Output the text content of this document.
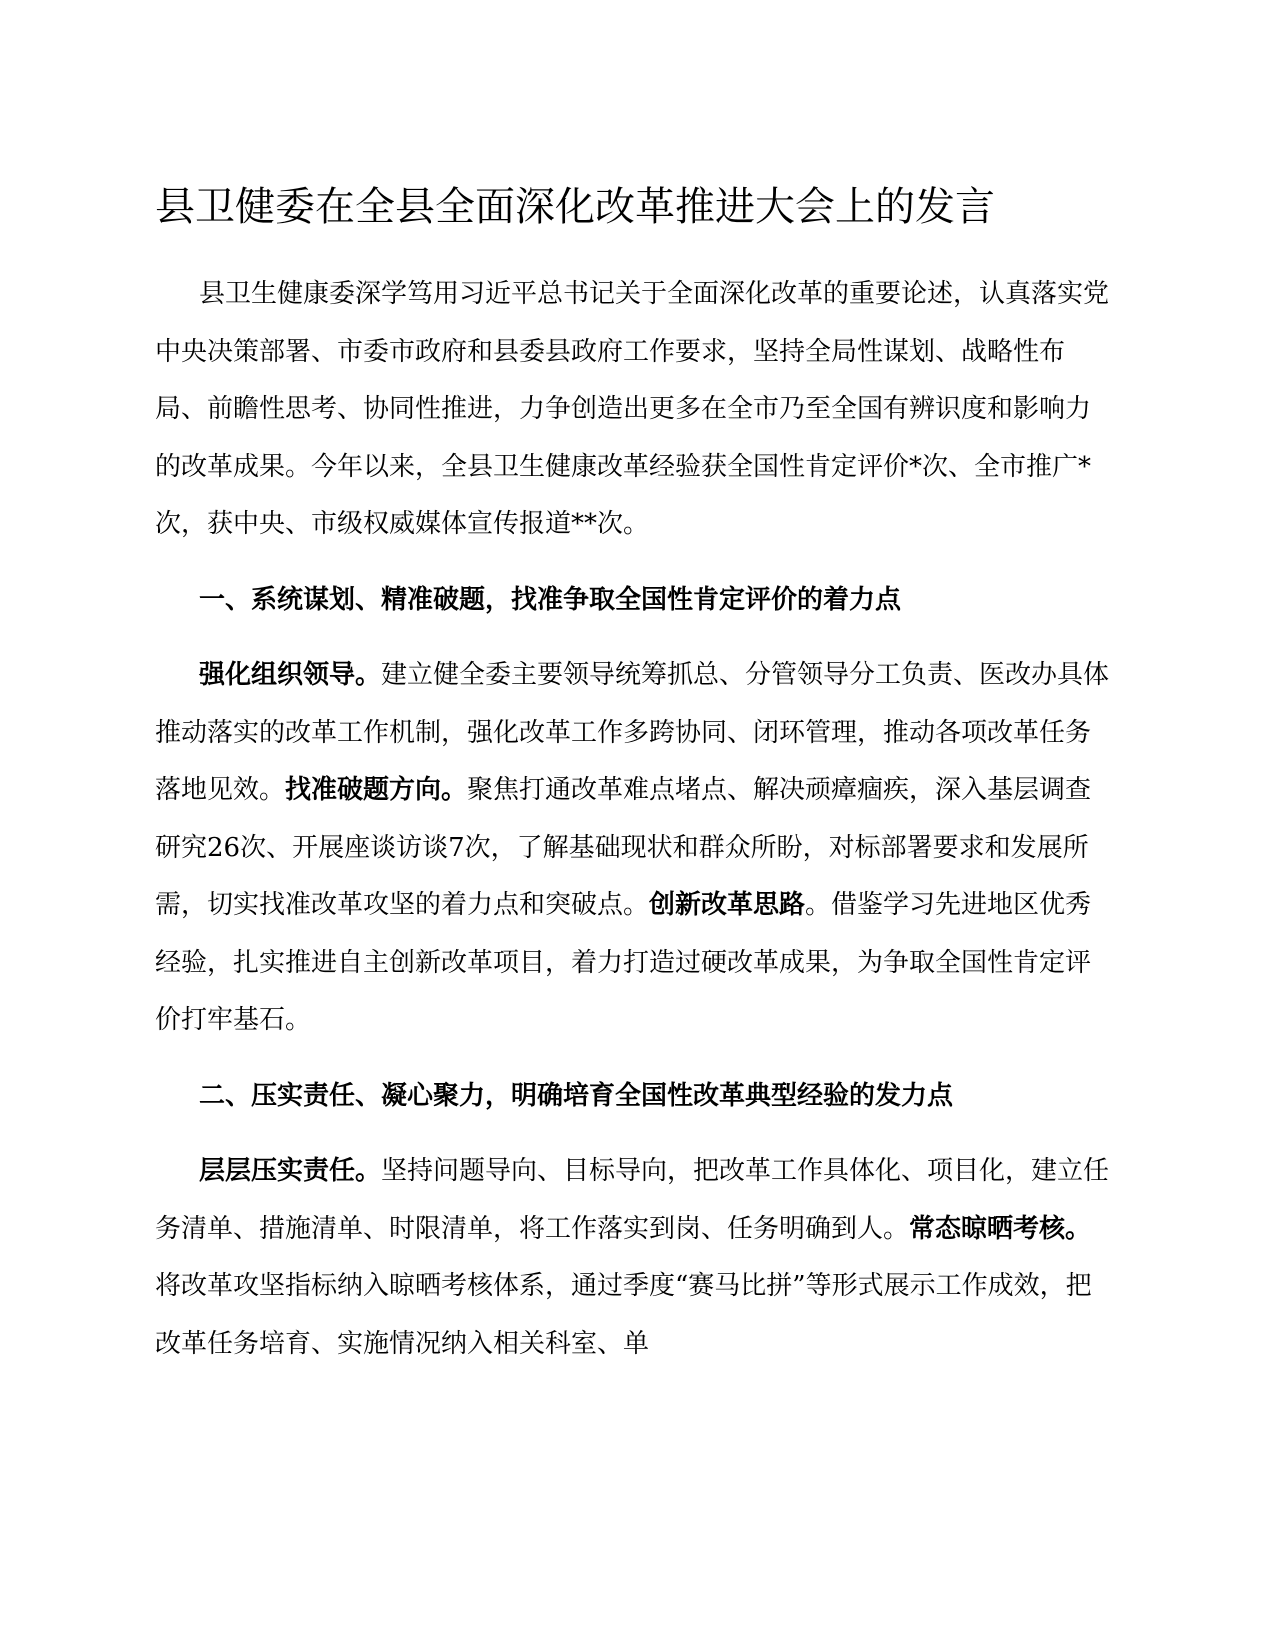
县卫健委在全县全面深化改革推进大会上的发言

县卫生健康委深学笃用习近平总书记关于全面深化改革的重要论述，认真落实党中央决策部署、市委市政府和县委县政府工作要求，坚持全局性谋划、战略性布局、前瞻性思考、协同性推进，力争创造出更多在全市乃至全国有辨识度和影响力的改革成果。今年以来，全县卫生健康改革经验获全国性肯定评价*次、全市推广*次，获中央、市级权威媒体宣传报道**次。

一、系统谋划、精准破题，找准争取全国性肯定评价的着力点

强化组织领导。建立健全委主要领导统筹抓总、分管领导分工负责、医改办具体推动落实的改革工作机制，强化改革工作多跨协同、闭环管理，推动各项改革任务落地见效。找准破题方向。聚焦打通改革难点堵点、解决顽瘴痼疾，深入基层调查研究26次、开展座谈访谈7次，了解基础现状和群众所盼，对标部署要求和发展所需，切实找准改革攻坚的着力点和突破点。创新改革思路。借鉴学习先进地区优秀经验，扎实推进自主创新改革项目，着力打造过硬改革成果，为争取全国性肯定评价打牢基石。

二、压实责任、凝心聚力，明确培育全国性改革典型经验的发力点

层层压实责任。坚持问题导向、目标导向，把改革工作具体化、项目化，建立任务清单、措施清单、时限清单，将工作落实到岗、任务明确到人。常态晾晒考核。将改革攻坚指标纳入晾晒考核体系，通过季度“赛马比拼”等形式展示工作成效，把改革任务培育、实施情况纳入相关科室、单
